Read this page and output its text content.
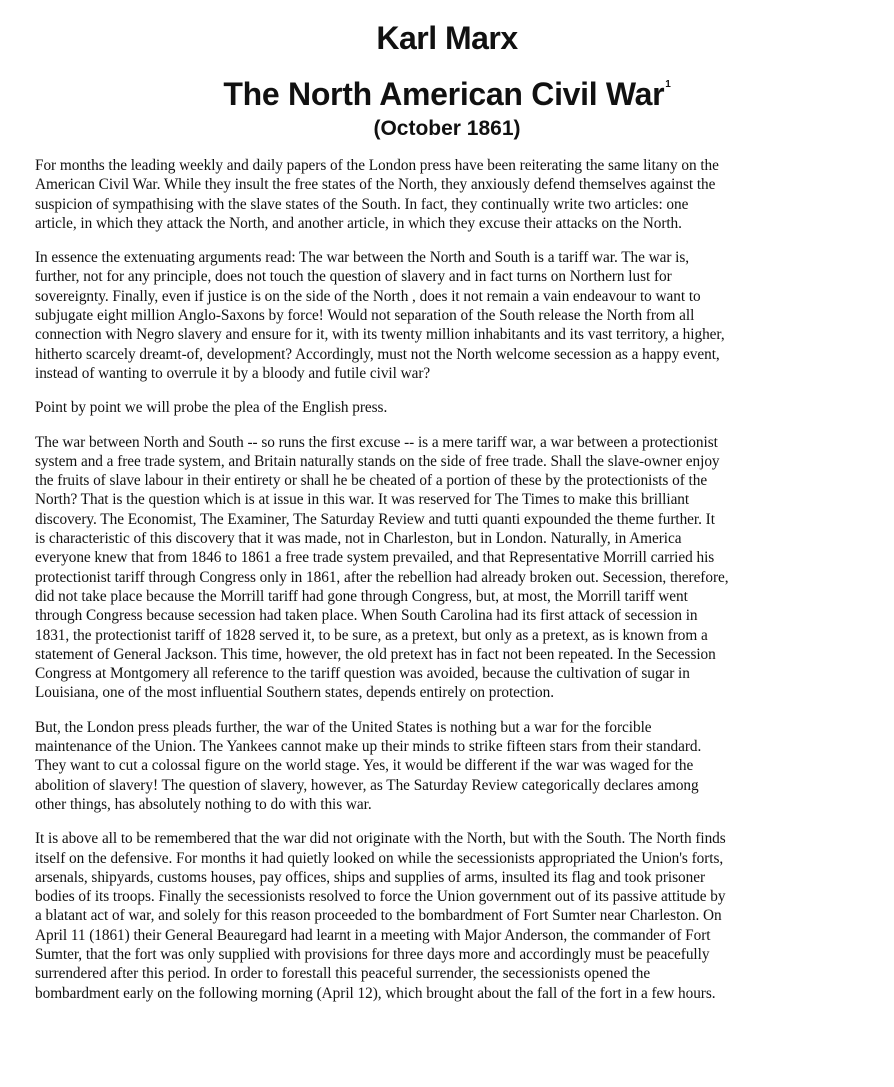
Karl Marx
The North American Civil War$^1$
(October 1861)

For months the leading weekly and daily papers of the London press have been reiterating the same litany on the
American Civil War. While they insult the free states of the North, they anxiously defend themselves against the
suspicion of sympathising with the slave states of the South. In fact, they continually write two articles: one
article, in which they attack the North, and another article, in which they excuse their attacks on the North.

In essence the extenuating arguments read: The war between the North and South is a tariff war. The war is,
further, not for any principle, does not touch the question of slavery and in fact turns on Northern lust for
sovereignty. Finally, even if justice is on the side of the North , does it not remain a vain endeavour to want to
subjugate eight million Anglo-Saxons by force! Would not separation of the South release the North from all
connection with Negro slavery and ensure for it, with its twenty million inhabitants and its vast territory, a higher,
hitherto scarcely dreamt-of, development? Accordingly, must not the North welcome secession as a happy event,
instead of wanting to overrule it by a bloody and futile civil war?

Point by point we will probe the plea of the English press.

The war between North and South -- so runs the first excuse -- is a mere tariff war, a war between a protectionist
system and a free trade system, and Britain naturally stands on the side of free trade. Shall the slave-owner enjoy
the fruits of slave labour in their entirety or shall he be cheated of a portion of these by the protectionists of the
North? That is the question which is at issue in this war. It was reserved for The Times to make this brilliant
discovery. The Economist, The Examiner, The Saturday Review and tutti quanti expounded the theme further. It
is characteristic of this discovery that it was made, not in Charleston, but in London. Naturally, in America
everyone knew that from 1846 to 1861 a free trade system prevailed, and that Representative Morrill carried his
protectionist tariff through Congress only in 1861, after the rebellion had already broken out. Secession, therefore,
did not take place because the Morrill tariff had gone through Congress, but, at most, the Morrill tariff went
through Congress because secession had taken place. When South Carolina had its first attack of secession in
1831, the protectionist tariff of 1828 served it, to be sure, as a pretext, but only as a pretext, as is known from a
statement of General Jackson. This time, however, the old pretext has in fact not been repeated. In the Secession
Congress at Montgomery all reference to the tariff question was avoided, because the cultivation of sugar in
Louisiana, one of the most influential Southern states, depends entirely on protection.

But, the London press pleads further, the war of the United States is nothing but a war for the forcible
maintenance of the Union. The Yankees cannot make up their minds to strike fifteen stars from their standard.
They want to cut a colossal figure on the world stage. Yes, it would be different if the war was waged for the
abolition of slavery! The question of slavery, however, as The Saturday Review categorically declares among
other things, has absolutely nothing to do with this war.

It is above all to be remembered that the war did not originate with the North, but with the South. The North finds
itself on the defensive. For months it had quietly looked on while the secessionists appropriated the Union's forts,
arsenals, shipyards, customs houses, pay offices, ships and supplies of arms, insulted its flag and took prisoner
bodies of its troops. Finally the secessionists resolved to force the Union government out of its passive attitude by
a blatant act of war, and solely for this reason proceeded to the bombardment of Fort Sumter near Charleston. On
April 11 (1861) their General Beauregard had learnt in a meeting with Major Anderson, the commander of Fort
Sumter, that the fort was only supplied with provisions for three days more and accordingly must be peacefully
surrendered after this period. In order to forestall this peaceful surrender, the secessionists opened the
bombardment early on the following morning (April 12), which brought about the fall of the fort in a few hours.
